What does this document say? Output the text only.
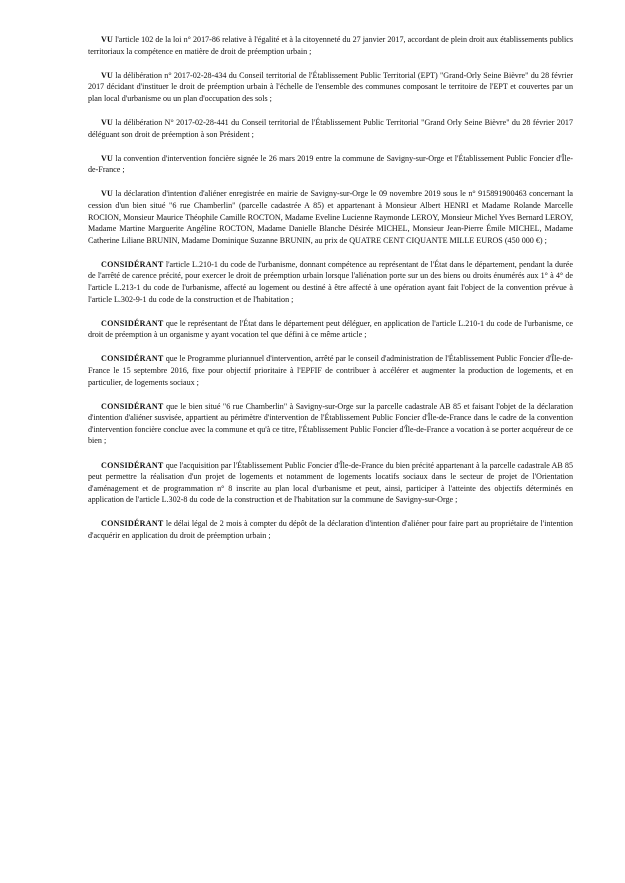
VU l'article 102 de la loi n° 2017-86 relative à l'égalité et à la citoyenneté du 27 janvier 2017, accordant de plein droit aux établissements publics territoriaux la compétence en matière de droit de préemption urbain ;

VU la délibération n° 2017-02-28-434 du Conseil territorial de l'Établissement Public Territorial (EPT) "Grand-Orly Seine Bièvre" du 28 février 2017 décidant d'instituer le droit de préemption urbain à l'échelle de l'ensemble des communes composant le territoire de l'EPT et couvertes par un plan local d'urbanisme ou un plan d'occupation des sols ;

VU la délibération N° 2017-02-28-441 du Conseil territorial de l'Établissement Public Territorial "Grand Orly Seine Bièvre" du 28 février 2017 déléguant son droit de préemption à son Président ;

VU la convention d'intervention foncière signée le 26 mars 2019 entre la commune de Savigny-sur-Orge et l'Établissement Public Foncier d'Île-de-France ;

VU la déclaration d'intention d'aliéner enregistrée en mairie de Savigny-sur-Orge le 09 novembre 2019 sous le n° 915891900463 concernant la cession d'un bien situé "6 rue Chamberlin" (parcelle cadastrée A 85) et appartenant à Monsieur Albert HENRI et Madame Rolande Marcelle ROCION, Monsieur Maurice Théophile Camille ROCTON, Madame Eveline Lucienne Raymonde LEROY, Monsieur Michel Yves Bernard LEROY, Madame Martine Marguerite Angéline ROCTON, Madame Danielle Blanche Désirée MICHEL, Monsieur Jean-Pierre Émile MICHEL, Madame Catherine Liliane BRUNIN, Madame Dominique Suzanne BRUNIN, au prix de QUATRE CENT CIQUANTE MILLE EUROS (450 000 €) ;

CONSIDÉRANT l'article L.210-1 du code de l'urbanisme, donnant compétence au représentant de l'État dans le département, pendant la durée de l'arrêté de carence précité, pour exercer le droit de préemption urbain lorsque l'aliénation porte sur un des biens ou droits énumérés aux 1° à 4° de l'article L.213-1 du code de l'urbanisme, affecté au logement ou destiné à être affecté à une opération ayant fait l'object de la convention prévue à l'article L.302-9-1 du code de la construction et de l'habitation ;

CONSIDÉRANT que le représentant de l'État dans le département peut déléguer, en application de l'article L.210-1 du code de l'urbanisme, ce droit de préemption à un organisme y ayant vocation tel que défini à ce même article ;

CONSIDÉRANT que le Programme pluriannuel d'intervention, arrêté par le conseil d'administration de l'Établissement Public Foncier d'Île-de-France le 15 septembre 2016, fixe pour objectif prioritaire à l'EPFIF de contribuer à accélérer et augmenter la production de logements, et en particulier, de logements sociaux ;

CONSIDÉRANT que le bien situé "6 rue Chamberlin" à Savigny-sur-Orge sur la parcelle cadastrale AB 85 et faisant l'objet de la déclaration d'intention d'aliéner susvisée, appartient au périmètre d'intervention de l'Établissement Public Foncier d'Île-de-France dans le cadre de la convention d'intervention foncière conclue avec la commune et qu'à ce titre, l'Établissement Public Foncier d'Île-de-France a vocation à se porter acquéreur de ce bien ;

CONSIDÉRANT que l'acquisition par l'Établissement Public Foncier d'Île-de-France du bien précité appartenant à la parcelle cadastrale AB 85 peut permettre la réalisation d'un projet de logements et notamment de logements locatifs sociaux dans le secteur de projet de l'Orientation d'aménagement et de programmation n° 8 inscrite au plan local d'urbanisme et peut, ainsi, participer à l'atteinte des objectifs déterminés en application de l'article L.302-8 du code de la construction et de l'habitation sur la commune de Savigny-sur-Orge ;

CONSIDÉRANT le délai légal de 2 mois à compter du dépôt de la déclaration d'intention d'aliéner pour faire part au propriétaire de l'intention d'acquérir en application du droit de préemption urbain ;
